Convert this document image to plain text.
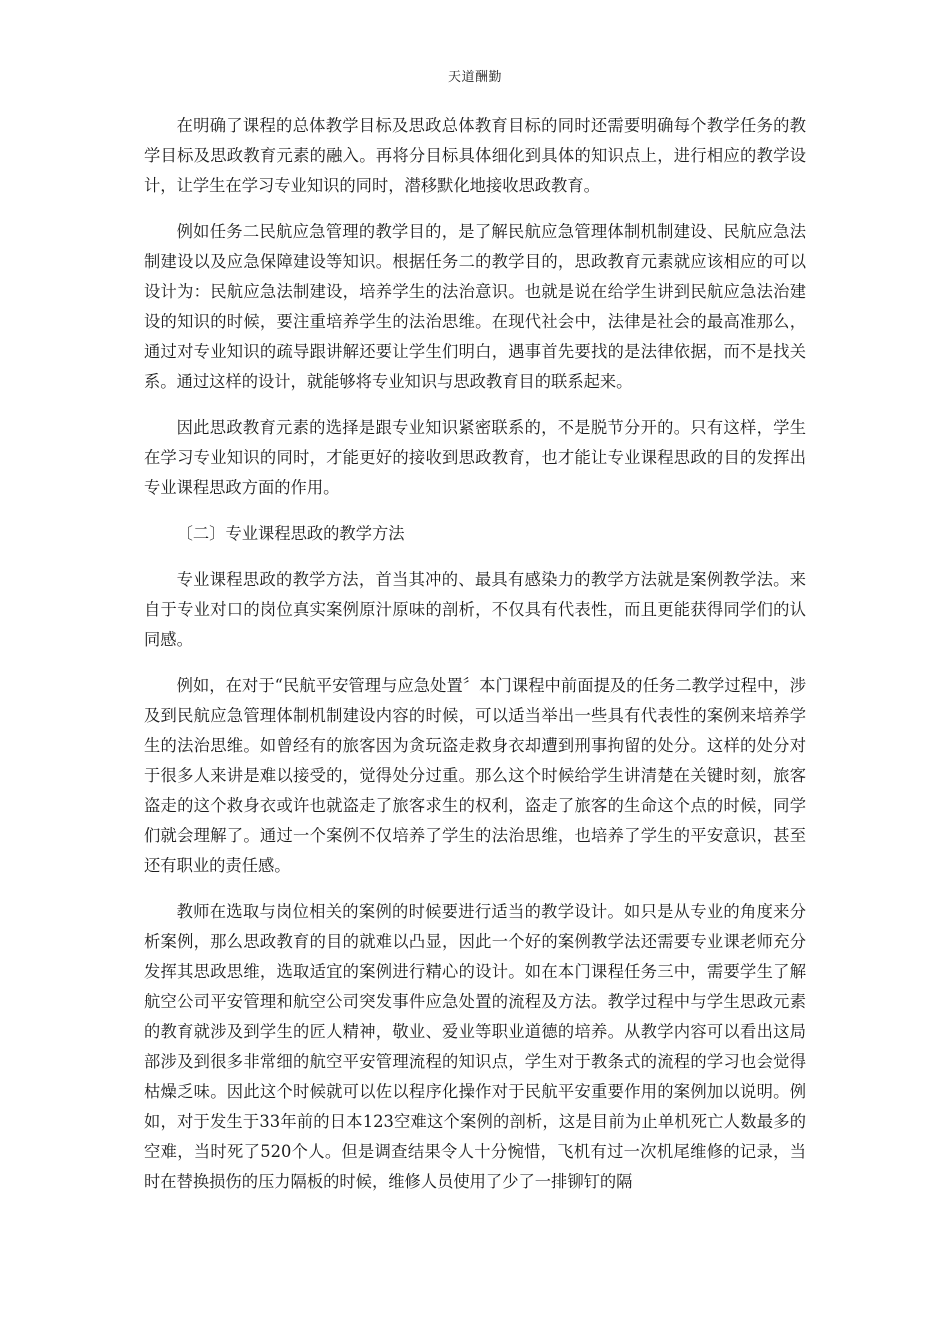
天道酬勤

在明确了课程的总体教学目标及思政总体教育目标的同时还需要明确每个教学任务的教学目标及思政教育元素的融入。再将分目标具体细化到具体的知识点上，进行相应的教学设计，让学生在学习专业知识的同时，潜移默化地接收思政教育。

例如任务二民航应急管理的教学目的，是了解民航应急管理体制机制建设、民航应急法制建设以及应急保障建设等知识。根据任务二的教学目的，思政教育元素就应该相应的可以设计为：民航应急法制建设，培养学生的法治意识。也就是说在给学生讲到民航应急法治建设的知识的时候，要注重培养学生的法治思维。在现代社会中，法律是社会的最高准那么，通过对专业知识的疏导跟讲解还要让学生们明白，遇事首先要找的是法律依据，而不是找关系。通过这样的设计，就能够将专业知识与思政教育目的联系起来。

因此思政教育元素的选择是跟专业知识紧密联系的，不是脱节分开的。只有这样，学生在学习专业知识的同时，才能更好的接收到思政教育，也才能让专业课程思政的目的发挥出专业课程思政方面的作用。

〔二〕专业课程思政的教学方法

专业课程思政的教学方法，首当其冲的、最具有感染力的教学方法就是案例教学法。来自于专业对口的岗位真实案例原汁原味的剖析，不仅具有代表性，而且更能获得同学们的认同感。

例如，在对于“民航平安管理与应急处置〞本门课程中前面提及的任务二教学过程中，涉及到民航应急管理体制机制建设内容的时候，可以适当举出一些具有代表性的案例来培养学生的法治思维。如曾经有的旅客因为贪玩盗走救身衣却遭到刑事拘留的处分。这样的处分对于很多人来讲是难以接受的，觉得处分过重。那么这个时候给学生讲清楚在关键时刻，旅客盗走的这个救身衣或许也就盗走了旅客求生的权利，盗走了旅客的生命这个点的时候，同学们就会理解了。通过一个案例不仅培养了学生的法治思维，也培养了学生的平安意识，甚至还有职业的责任感。

教师在选取与岗位相关的案例的时候要进行适当的教学设计。如只是从专业的角度来分析案例，那么思政教育的目的就难以凸显，因此一个好的案例教学法还需要专业课老师充分发挥其思政思维，选取适宜的案例进行精心的设计。如在本门课程任务三中，需要学生了解航空公司平安管理和航空公司突发事件应急处置的流程及方法。教学过程中与学生思政元素的教育就涉及到学生的匠人精神，敬业、爱业等职业道德的培养。从教学内容可以看出这局部涉及到很多非常细的航空平安管理流程的知识点，学生对于教条式的流程的学习也会觉得枯燥乏味。因此这个时候就可以佐以程序化操作对于民航平安重要作用的案例加以说明。例如，对于发生于33年前的日本123空难这个案例的剖析，这是目前为止单机死亡人数最多的空难，当时死了520个人。但是调查结果令人十分惋惜，飞机有过一次机尾维修的记录，当时在替换损伤的压力隔板的时候，维修人员使用了少了一排铆钉的隔
